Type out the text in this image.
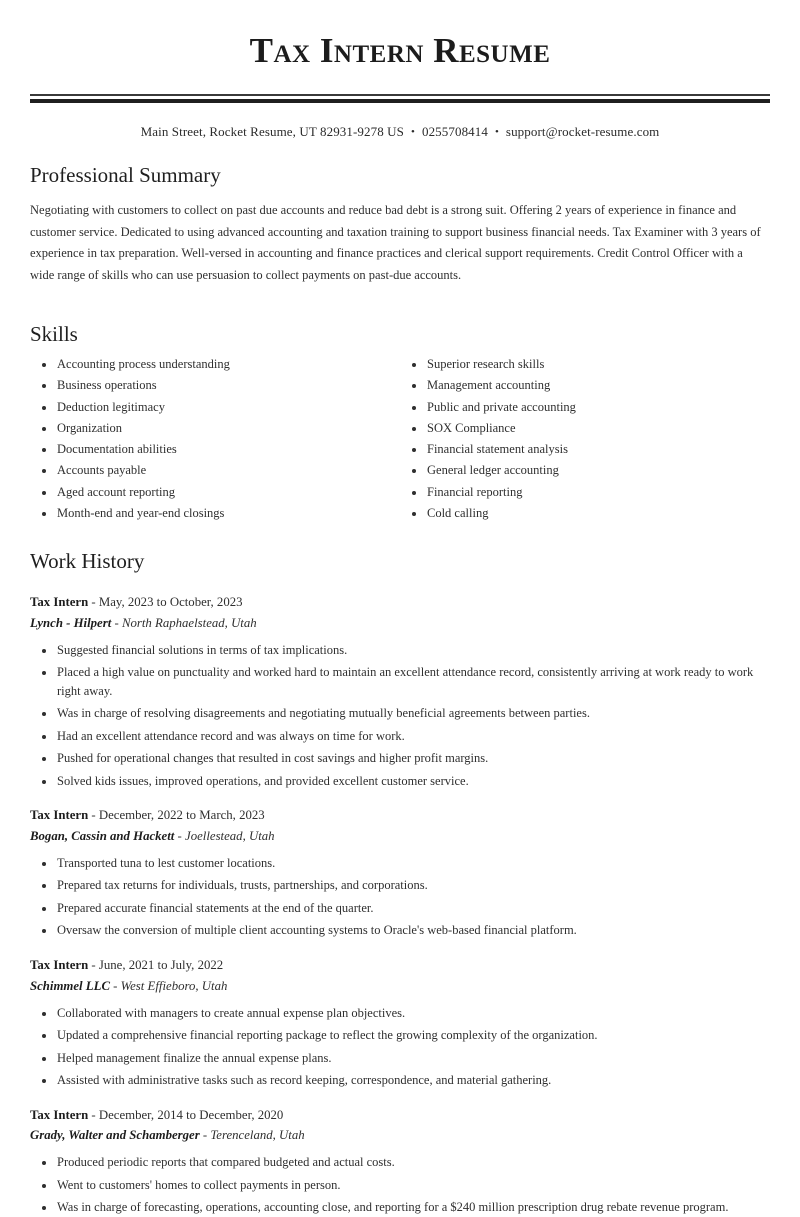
Tax Intern Resume
Main Street, Rocket Resume, UT 82931-9278 US • 0255708414 • support@rocket-resume.com
Professional Summary

Negotiating with customers to collect on past due accounts and reduce bad debt is a strong suit. Offering 2 years of experience in finance and customer service. Dedicated to using advanced accounting and taxation training to support business financial needs. Tax Examiner with 3 years of experience in tax preparation. Well-versed in accounting and finance practices and clerical support requirements. Credit Control Officer with a wide range of skills who can use persuasion to collect payments on past-due accounts.

Skills
• Accounting process understanding
• Business operations
• Deduction legitimacy
• Organization
• Documentation abilities
• Accounts payable
• Aged account reporting
• Month-end and year-end closings
• Superior research skills
• Management accounting
• Public and private accounting
• SOX Compliance
• Financial statement analysis
• General ledger accounting
• Financial reporting
• Cold calling
Work History
Tax Intern - May, 2023 to October, 2023
Lynch - Hilpert - North Raphaelstead, Utah
• Suggested financial solutions in terms of tax implications.
• Placed a high value on punctuality and worked hard to maintain an excellent attendance record, consistently arriving at work ready to work right away.
• Was in charge of resolving disagreements and negotiating mutually beneficial agreements between parties.
• Had an excellent attendance record and was always on time for work.
• Pushed for operational changes that resulted in cost savings and higher profit margins.
• Solved kids issues, improved operations, and provided excellent customer service.
Tax Intern - December, 2022 to March, 2023
Bogan, Cassin and Hackett - Joellestead, Utah
• Transported tuna to lest customer locations.
• Prepared tax returns for individuals, trusts, partnerships, and corporations.
• Prepared accurate financial statements at the end of the quarter.
• Oversaw the conversion of multiple client accounting systems to Oracle's web-based financial platform.
Tax Intern - June, 2021 to July, 2022
Schimmel LLC - West Effieboro, Utah
• Collaborated with managers to create annual expense plan objectives.
• Updated a comprehensive financial reporting package to reflect the growing complexity of the organization.
• Helped management finalize the annual expense plans.
• Assisted with administrative tasks such as record keeping, correspondence, and material gathering.
Tax Intern - December, 2014 to December, 2020
Grady, Walter and Schamberger - Terenceland, Utah
• Produced periodic reports that compared budgeted and actual costs.
• Went to customers' homes to collect payments in person.
• Was in charge of forecasting, operations, accounting close, and reporting for a $240 million prescription drug rebate revenue program.
